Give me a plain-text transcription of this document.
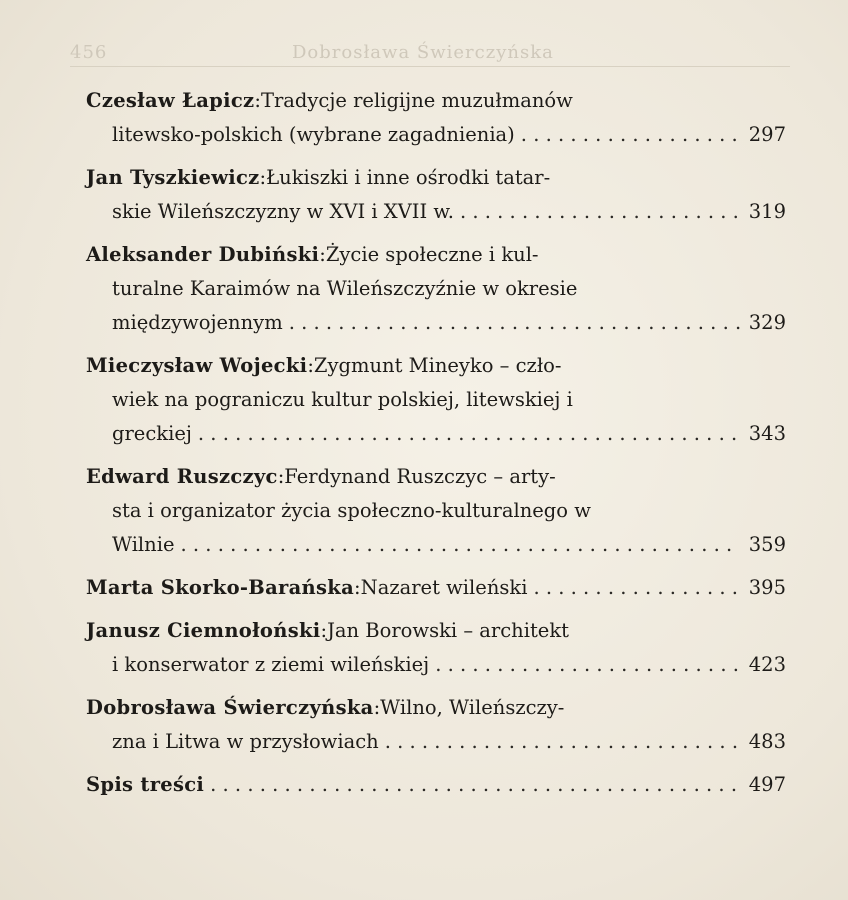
456	Dobrosława Świerczyńska
Czesław Łapicz : Tradycje religijne muzułmanów
litewsko-polskich (wybrane zagadnienia) . . .	297
Jan Tyszkiewicz : Łukiszki i inne ośrodki tatar-
skie Wileńszczyzny w XVI i XVII w. . . .	319
Aleksander Dubiński : Życie społeczne i kul-
turalne Karaimów na Wileńszczyźnie w okresie
międzywojennym . . .	329
Mieczysław Wojecki : Zygmunt Mineyko – czło-
wiek na pograniczu kultur polskiej, litewskiej i
greckiej . . .	343
Edward Ruszczyc : Ferdynand Ruszczyc – arty-
sta i organizator życia społeczno-kulturalnego w
Wilnie . . .	359
Marta Skorko-Barańska : Nazaret wileński . . .	395
Janusz Ciemnołoński : Jan Borowski – architekt
i konserwator z ziemi wileńskiej . . .	423
Dobrosława Świerczyńska : Wilno, Wileńszczy-
zna i Litwa w przysłowiach . . .	483
Spis treści . . .	497
